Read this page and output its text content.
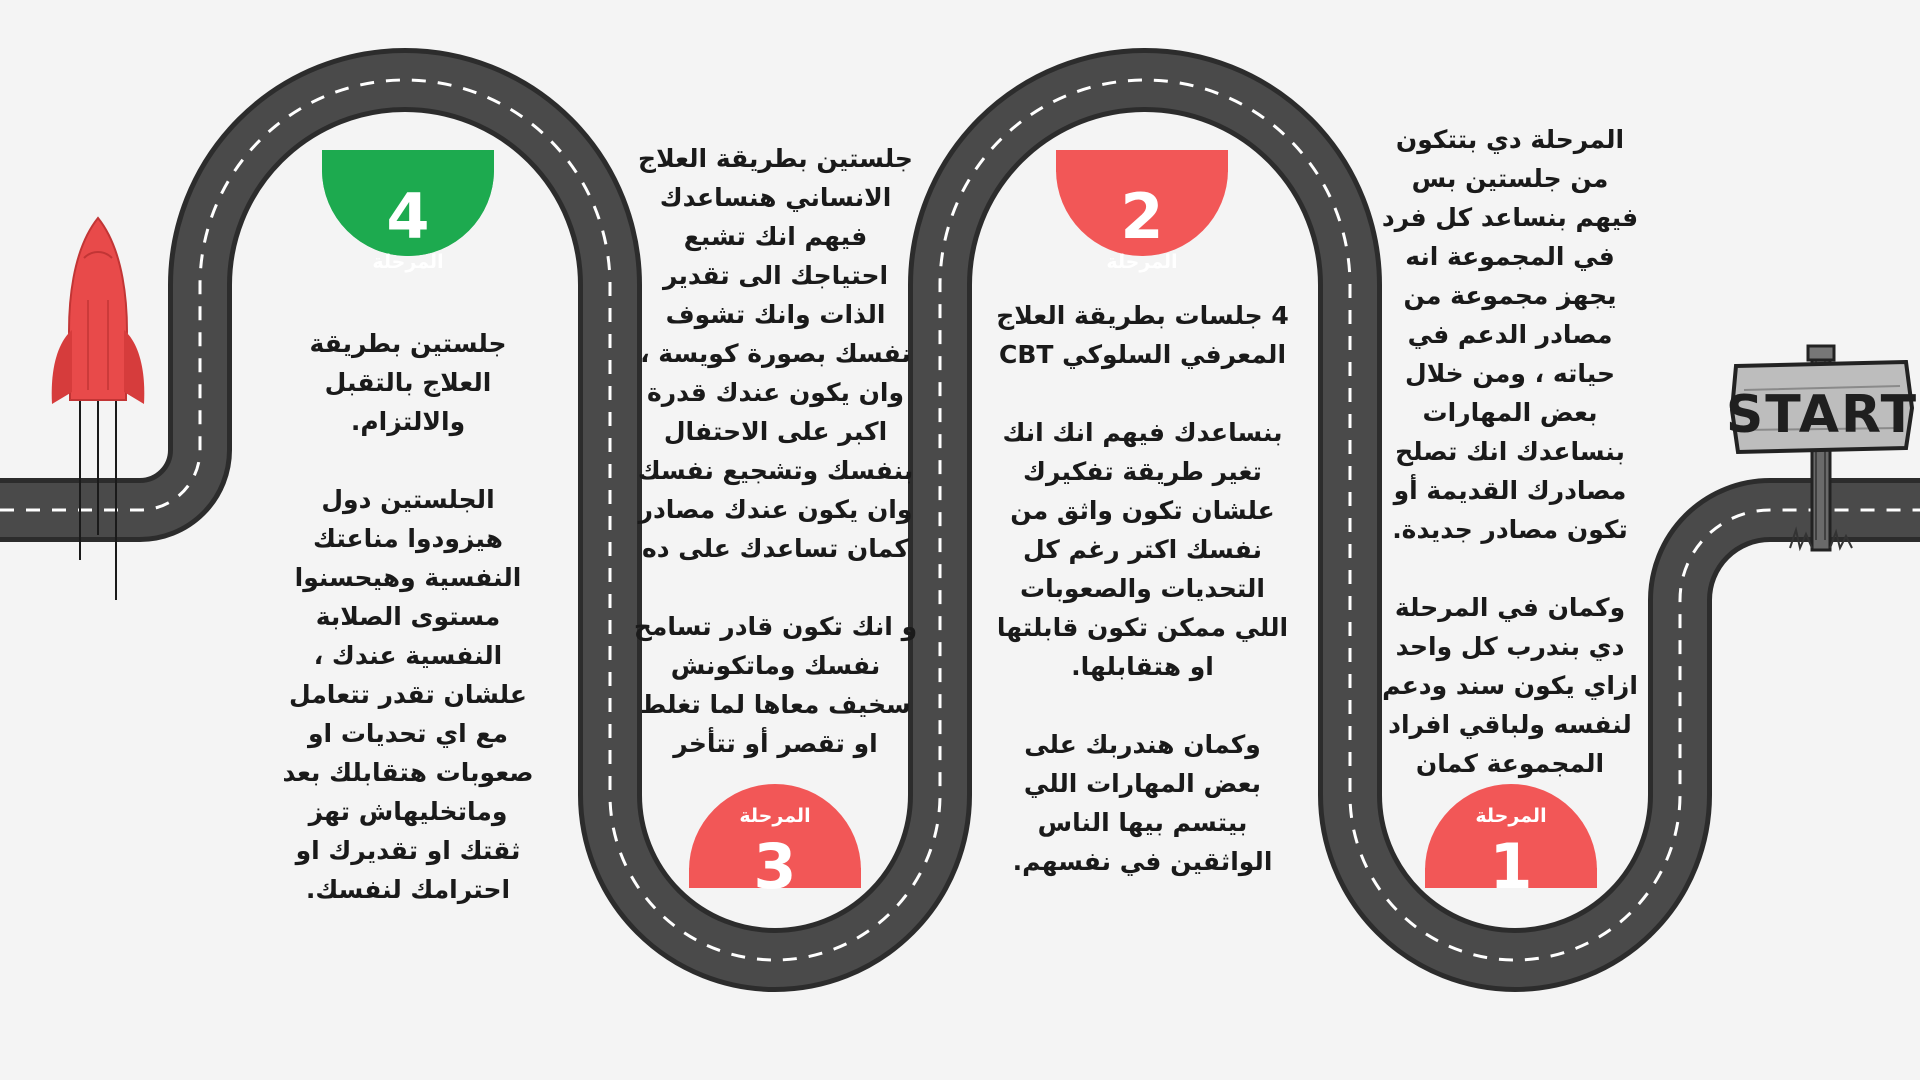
START
4
المرحلة
2
المرحلة
المرحلة
3
المرحلة
1
المرحلة دي بتتكون
من جلستين بس
فيهم بنساعد كل فرد
في المجموعة انه
يجهز مجموعة من
مصادر الدعم في
حياته ، ومن خلال
بعض المهارات
بنساعدك انك تصلح
مصادرك القديمة أو
تكون مصادر جديدة.

وكمان في المرحلة
دي بندرب كل واحد
ازاي يكون سند ودعم
لنفسه ولباقي افراد
المجموعة كمان
4 جلسات بطريقة العلاج
المعرفي السلوكي CBT

بنساعدك فيهم انك انك
تغير طريقة تفكيرك
علشان تكون واثق من
نفسك اكتر رغم كل
التحديات والصعوبات
اللي ممكن تكون قابلتها
او هتقابلها.

وكمان هندربك على
بعض المهارات اللي
بيتسم بيها الناس
الواثقين في نفسهم.
جلستين بطريقة العلاج
الانساني هنساعدك
فيهم انك تشبع
احتياجك الى تقدير
الذات وانك تشوف
نفسك بصورة كويسة ،
وان يكون عندك قدرة
اكبر على الاحتفال
بنفسك وتشجيع نفسك
وان يكون عندك مصادر
كمان تساعدك على ده

و انك تكون قادر تسامح
نفسك وماتكونش
سخيف معاها لما تغلط
او تقصر أو تتأخر
جلستين بطريقة
العلاج بالتقبل
والالتزام.

الجلستين دول
هيزودوا مناعتك
النفسية وهيحسنوا
مستوى الصلابة
النفسية عندك ،
علشان تقدر تتعامل
مع اي تحديات او
صعوبات هتقابلك بعد
وماتخليهاش تهز
ثقتك او تقديرك او
احترامك لنفسك.
